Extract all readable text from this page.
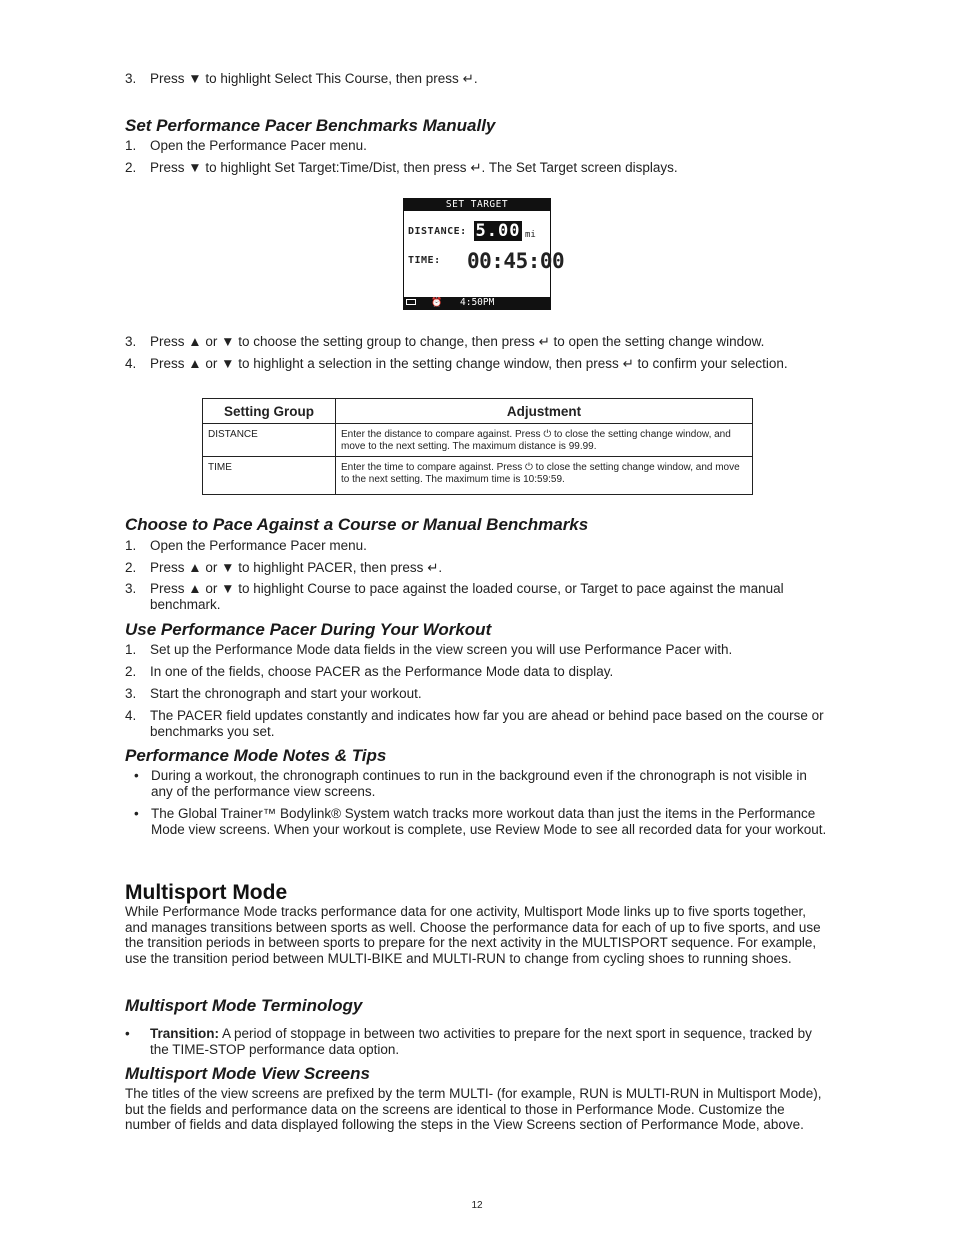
3. Press ▼ to highlight Select This Course, then press ↵.
Set Performance Pacer Benchmarks Manually
1. Open the Performance Pacer menu.
2. Press ▼ to highlight Set Target:Time/Dist, then press ↵. The Set Target screen displays.
SET TARGET
DISTANCE: 5.00 mi
TIME: 00:45:00
⏰ 4:50PM
3. Press ▲ or ▼ to choose the setting group to change, then press ↵ to open the setting change window.
4. Press ▲ or ▼ to highlight a selection in the setting change window, then press ↵ to confirm your selection.
Setting Group	Adjustment
DISTANCE	Enter the distance to compare against. Press ⏻ to close the setting change window, and move to the next setting. The maximum distance is 99.99.
TIME	Enter the time to compare against. Press ⏻ to close the setting change window, and move to the next setting. The maximum time is 10:59:59.
Choose to Pace Against a Course or Manual Benchmarks
1. Open the Performance Pacer menu.
2. Press ▲ or ▼ to highlight PACER, then press ↵.
3. Press ▲ or ▼ to highlight Course to pace against the loaded course, or Target to pace against the manual benchmark.
Use Performance Pacer During Your Workout
1. Set up the Performance Mode data fields in the view screen you will use Performance Pacer with.
2. In one of the fields, choose PACER as the Performance Mode data to display.
3. Start the chronograph and start your workout.
4. The PACER field updates constantly and indicates how far you are ahead or behind pace based on the course or benchmarks you set.
Performance Mode Notes & Tips
• During a workout, the chronograph continues to run in the background even if the chronograph is not visible in any of the performance view screens.
• The Global Trainer™ Bodylink® System watch tracks more workout data than just the items in the Performance Mode view screens. When your workout is complete, use Review Mode to see all recorded data for your workout.
Multisport Mode
While Performance Mode tracks performance data for one activity, Multisport Mode links up to five sports together, and manages transitions between sports as well. Choose the performance data for each of up to five sports, and use the transition periods in between sports to prepare for the next activity in the MULTISPORT sequence. For example, use the transition period between MULTI-BIKE and MULTI-RUN to change from cycling shoes to running shoes.
Multisport Mode Terminology
• Transition: A period of stoppage in between two activities to prepare for the next sport in sequence, tracked by the TIME-STOP performance data option.
Multisport Mode View Screens
The titles of the view screens are prefixed by the term MULTI- (for example, RUN is MULTI-RUN in Multisport Mode), but the fields and performance data on the screens are identical to those in Performance Mode. Customize the number of fields and data displayed following the steps in the View Screens section of Performance Mode, above.
12
